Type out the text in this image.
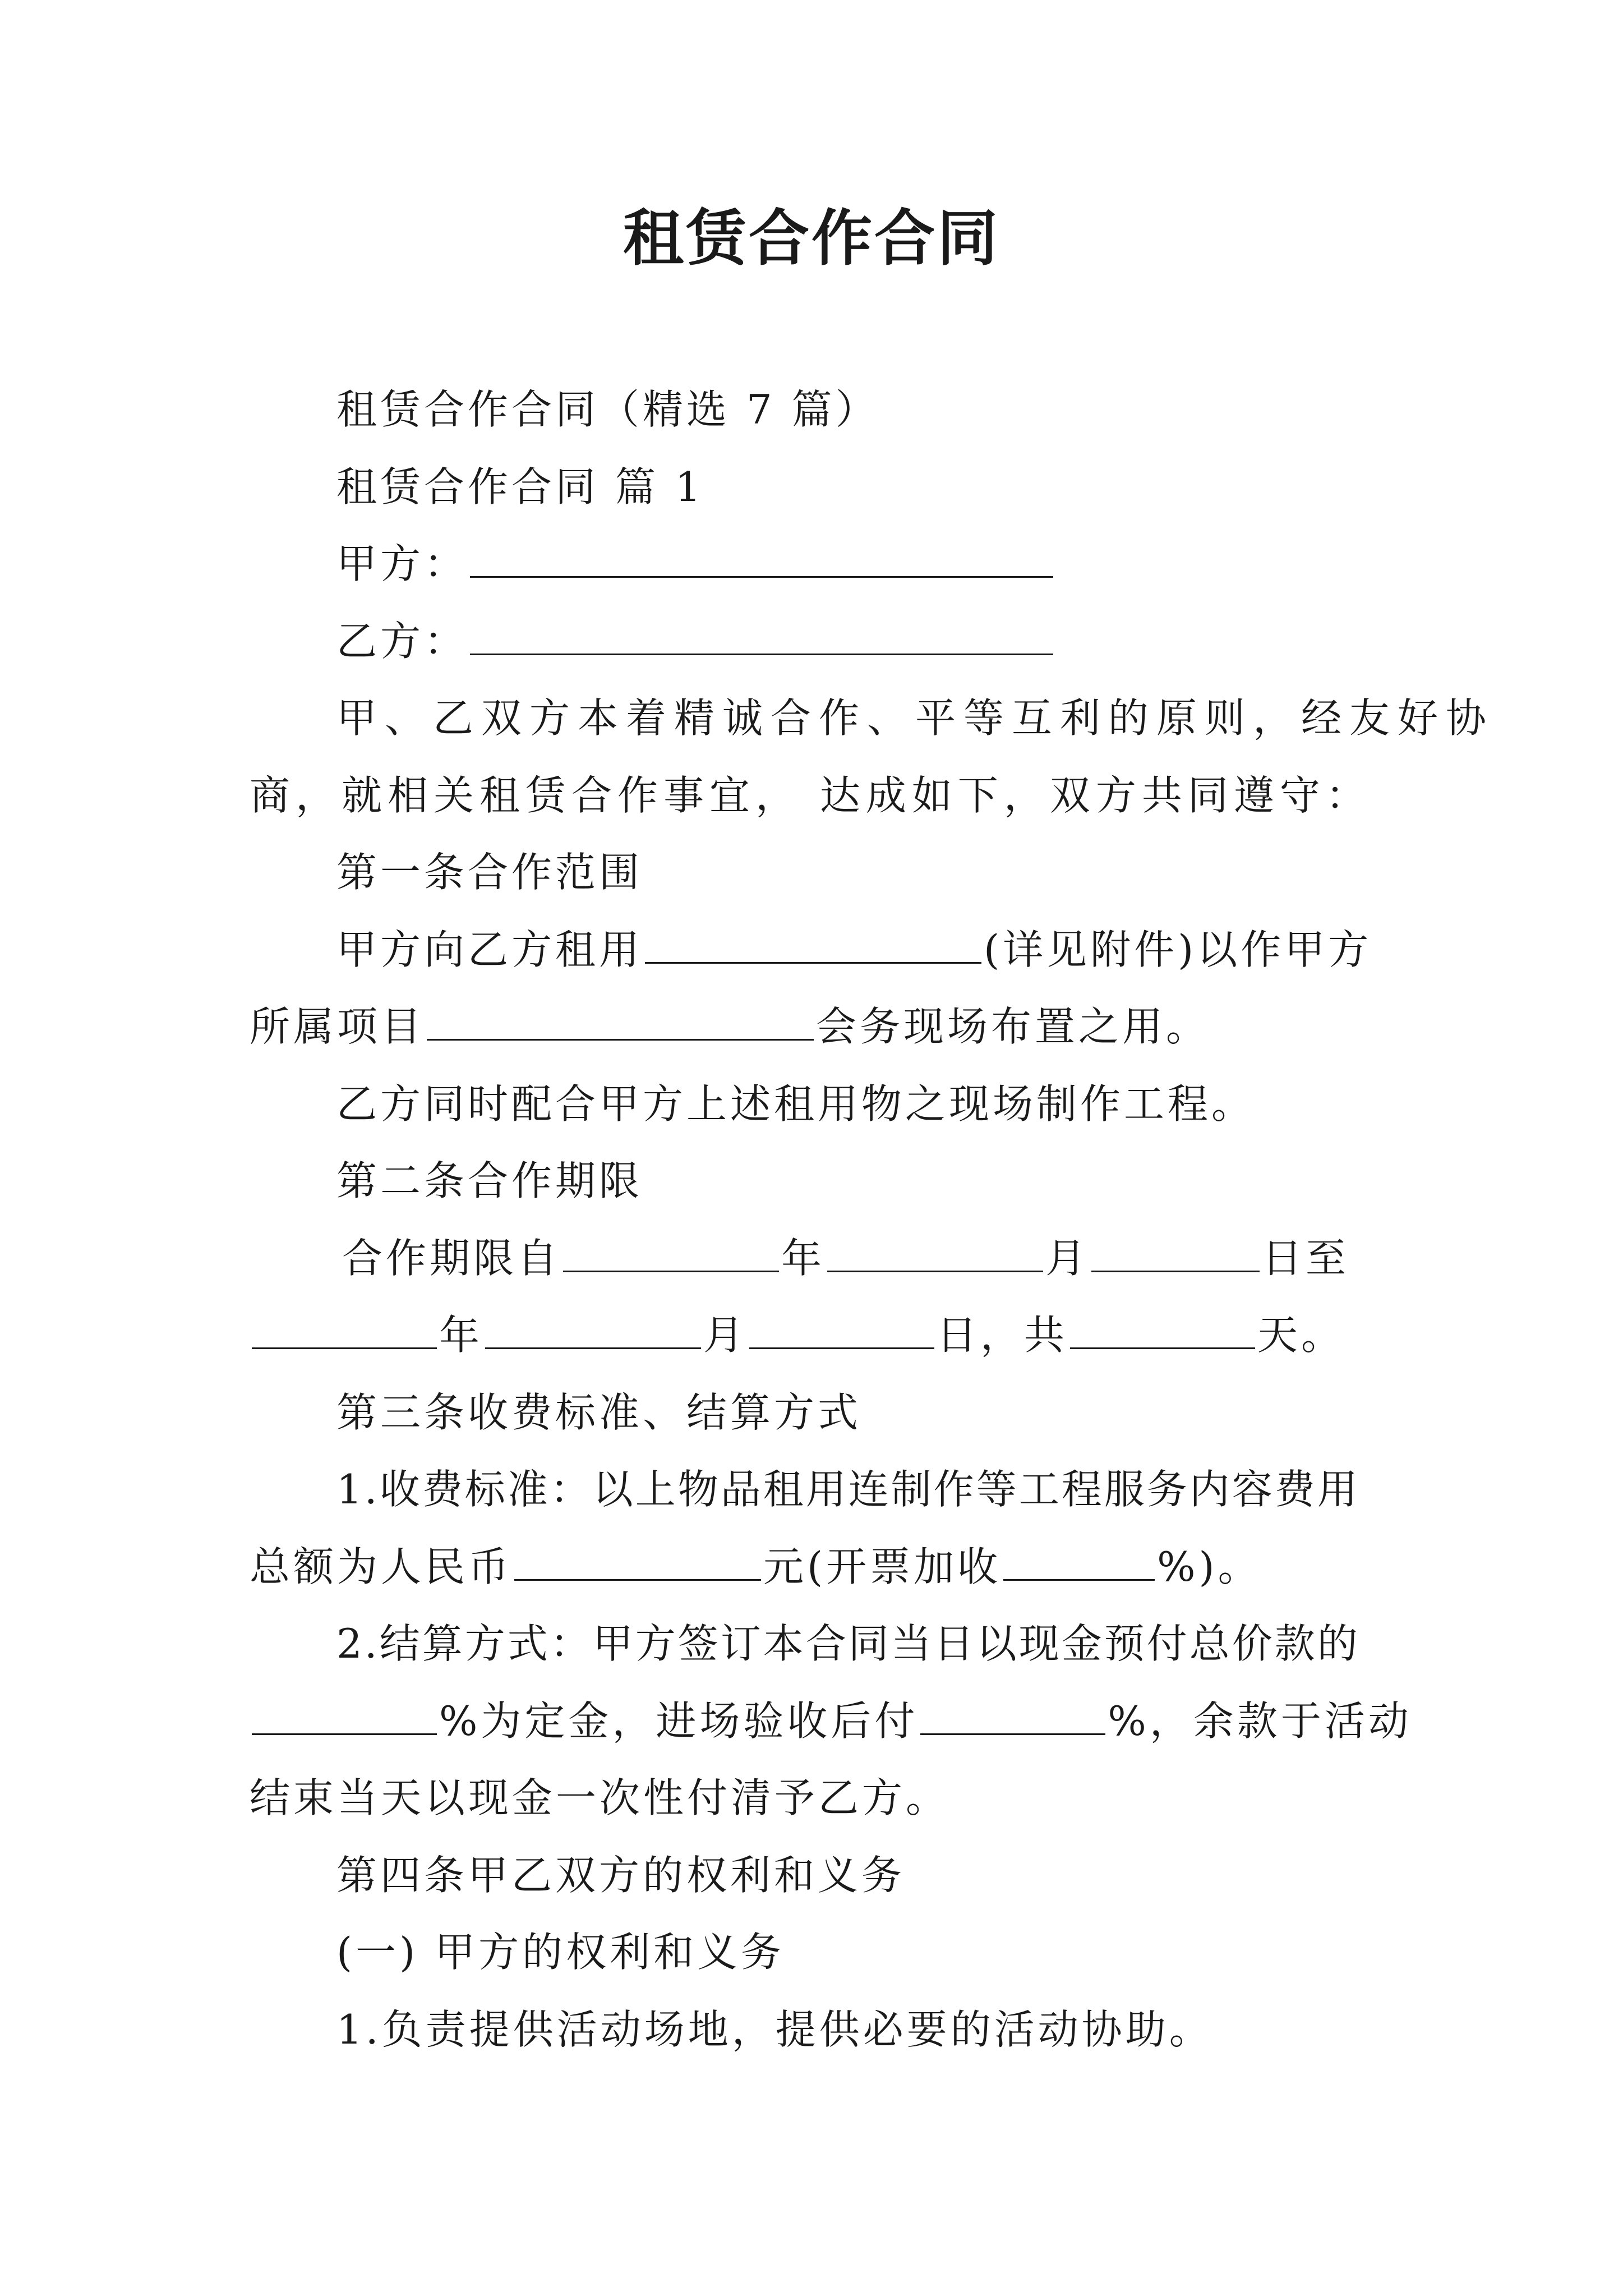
租赁合作合同
租赁合作合同（精选 7 篇）
租赁合作合同 篇 1
甲方：
乙方：
甲、乙双方本着精诚合作、平等互利的原则，经友好协
商，就相关租赁合作事宜， 达成如下，双方共同遵守：
第一条合作范围
甲方向乙方租用	(详见附件)以作甲方
所属项目	会务现场布置之用。
乙方同时配合甲方上述租用物之现场制作工程。
第二条合作期限
合作期限自	年	月	日至
年	月	日，共	天。
第三条收费标准、结算方式
1.收费标准：以上物品租用连制作等工程服务内容费用
总额为人民币	元(开票加收	%)。
2.结算方式：甲方签订本合同当日以现金预付总价款的
%为定金，进场验收后付	%，余款于活动
结束当天以现金一次性付清予乙方。
第四条甲乙双方的权利和义务
(一) 甲方的权利和义务
1.负责提供活动场地，提供必要的活动协助。
